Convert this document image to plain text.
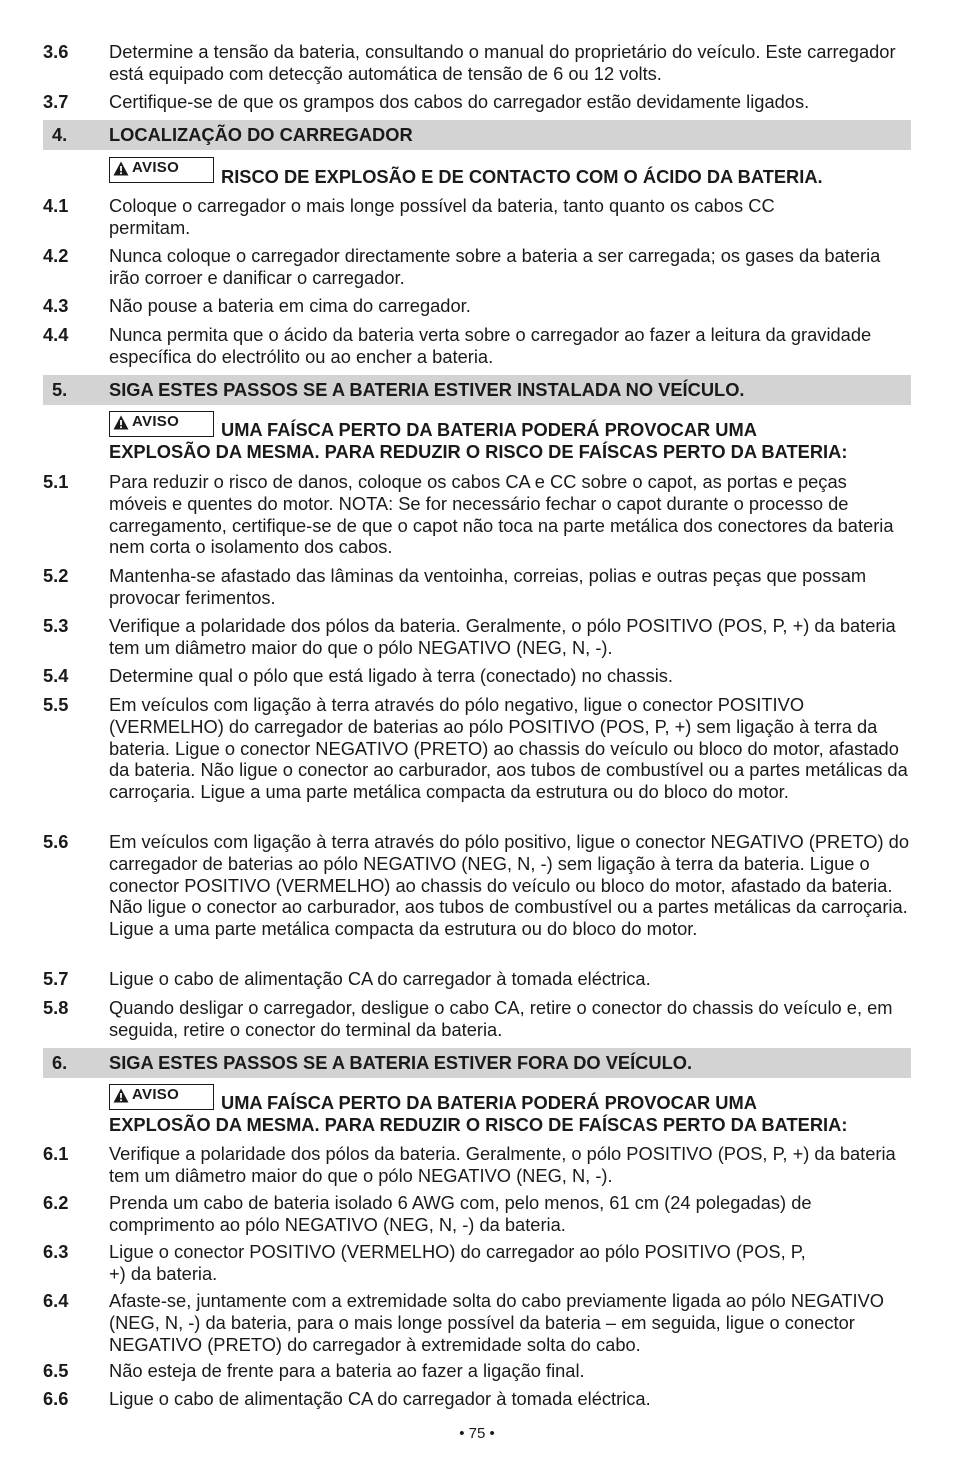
3.6 Determine a tensão da bateria, consultando o manual do proprietário do veículo. Este carregador está equipado com detecção automática de tensão de 6 ou 12 volts.
3.7 Certifique-se de que os grampos dos cabos do carregador estão devidamente ligados.
4. LOCALIZAÇÃO DO CARREGADOR
AVISO RISCO DE EXPLOSÃO E DE CONTACTO COM O ÁCIDO DA BATERIA.
4.1 Coloque o carregador o mais longe possível da bateria, tanto quanto os cabos CC permitam.
4.2 Nunca coloque o carregador directamente sobre a bateria a ser carregada; os gases da bateria irão corroer e danificar o carregador.
4.3 Não pouse a bateria em cima do carregador.
4.4 Nunca permita que o ácido da bateria verta sobre o carregador ao fazer a leitura da gravidade específica do electrólito ou ao encher a bateria.
5. SIGA ESTES PASSOS SE A BATERIA ESTIVER INSTALADA NO VEÍCULO.
AVISO UMA FAÍSCA PERTO DA BATERIA PODERÁ PROVOCAR UMA
EXPLOSÃO DA MESMA. PARA REDUZIR O RISCO DE FAÍSCAS PERTO DA BATERIA:
5.1 Para reduzir o risco de danos, coloque os cabos CA e CC sobre o capot, as portas e peças móveis e quentes do motor. NOTA: Se for necessário fechar o capot durante o processo de carregamento, certifique-se de que o capot não toca na parte metálica dos conectores da bateria nem corta o isolamento dos cabos.
5.2 Mantenha-se afastado das lâminas da ventoinha, correias, polias e outras peças que possam provocar ferimentos.
5.3 Verifique a polaridade dos pólos da bateria. Geralmente, o pólo POSITIVO (POS, P, +) da bateria tem um diâmetro maior do que o pólo NEGATIVO (NEG, N, -).
5.4 Determine qual o pólo que está ligado à terra (conectado) no chassis.
5.5 Em veículos com ligação à terra através do pólo negativo, ligue o conector POSITIVO (VERMELHO) do carregador de baterias ao pólo POSITIVO (POS, P, +) sem ligação à terra da bateria. Ligue o conector NEGATIVO (PRETO) ao chassis do veículo ou bloco do motor, afastado da bateria. Não ligue o conector ao carburador, aos tubos de combustível ou a partes metálicas da carroçaria. Ligue a uma parte metálica compacta da estrutura ou do bloco do motor.
5.6 Em veículos com ligação à terra através do pólo positivo, ligue o conector NEGATIVO (PRETO) do carregador de baterias ao pólo NEGATIVO (NEG, N, -) sem ligação à terra da bateria. Ligue o conector POSITIVO (VERMELHO) ao chassis do veículo ou bloco do motor, afastado da bateria. Não ligue o conector ao carburador, aos tubos de combustível ou a partes metálicas da carroçaria. Ligue a uma parte metálica compacta da estrutura ou do bloco do motor.
5.7 Ligue o cabo de alimentação CA do carregador à tomada eléctrica.
5.8 Quando desligar o carregador, desligue o cabo CA, retire o conector do chassis do veículo e, em seguida, retire o conector do terminal da bateria.
6. SIGA ESTES PASSOS SE A BATERIA ESTIVER FORA DO VEÍCULO.
AVISO UMA FAÍSCA PERTO DA BATERIA PODERÁ PROVOCAR UMA
EXPLOSÃO DA MESMA. PARA REDUZIR O RISCO DE FAÍSCAS PERTO DA BATERIA:
6.1 Verifique a polaridade dos pólos da bateria. Geralmente, o pólo POSITIVO (POS, P, +) da bateria tem um diâmetro maior do que o pólo NEGATIVO (NEG, N, -).
6.2 Prenda um cabo de bateria isolado 6 AWG com, pelo menos, 61 cm (24 polegadas) de comprimento ao pólo NEGATIVO (NEG, N, -) da bateria.
6.3 Ligue o conector POSITIVO (VERMELHO) do carregador ao pólo POSITIVO (POS, P, +) da bateria.
6.4 Afaste-se, juntamente com a extremidade solta do cabo previamente ligada ao pólo NEGATIVO (NEG, N, -) da bateria, para o mais longe possível da bateria – em seguida, ligue o conector NEGATIVO (PRETO) do carregador à extremidade solta do cabo.
6.5 Não esteja de frente para a bateria ao fazer a ligação final.
6.6 Ligue o cabo de alimentação CA do carregador à tomada eléctrica.
• 75 •
